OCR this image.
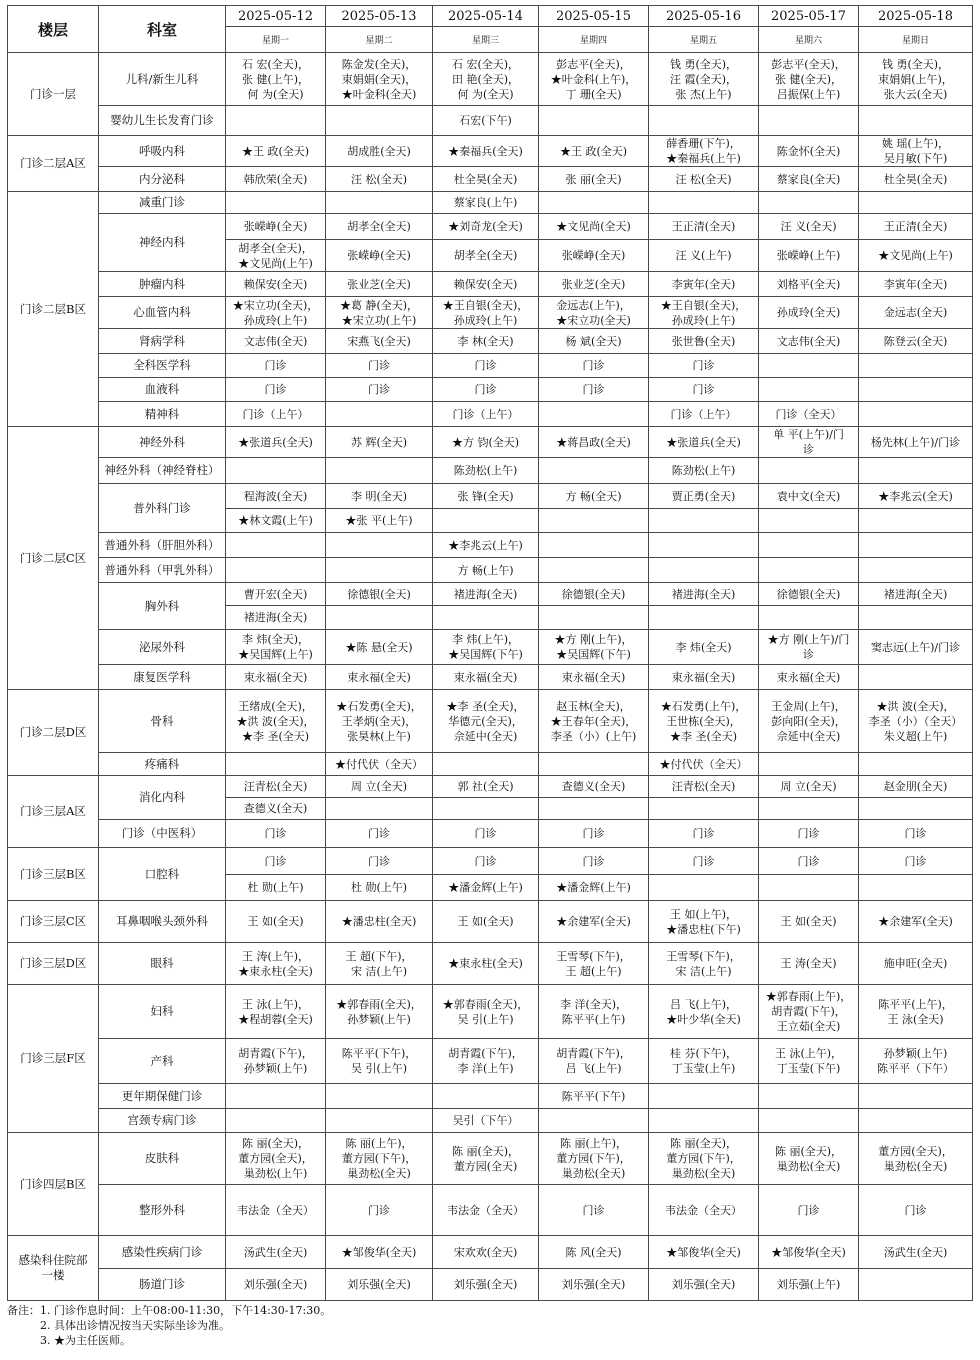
楼层	科室	2025-05-12	2025-05-13	2025-05-14	2025-05-15	2025-05-16	2025-05-17	2025-05-18
		星期一	星期二	星期三	星期四	星期五	星期六	星期日
门诊一层	儿科/新生儿科	石 宏(全天)，
张 健(上午)，
何 为(全天)	陈金发(全天)，
束娟娟(全天)，
★叶金科(全天)	石 宏(全天)，
田 艳(全天)，
何 为(全天)	彭志平(全天)，
★叶金科(上午)，
丁 珊(全天)	钱 勇(全天)，
汪 霞(全天)，
张 杰(上午)	彭志平(全天)，
张 健(全天)，
吕振保(上午)	钱 勇(全天)，
束娟娟(上午)，
张大云(全天)

	婴幼儿生长发育门诊			石宏(下午)				

门诊二层A区	呼吸内科	★王 政(全天)	胡成胜(全天)	★秦福兵(全天)	★王 政(全天)	薛香珊(下午)，
★秦福兵(上午)	陈金怀(全天)	姚 瑶(上午)，
吴月敏(下午)

	内分泌科	韩欣荣(全天)	汪 松(全天)	杜全昊(全天)	张 丽(全天)	汪 松(全天)	蔡家良(全天)	杜全昊(全天)

门诊二层B区	减重门诊			蔡家良(上午)				

	神经内科	张嵘峥(全天)	胡孝全(全天)	★刘奇龙(全天)	★文见尚(全天)	王正清(全天)	汪 义(全天)	王正清(全天)

		胡孝全(全天)，
★文见尚(上午)	张嵘峥(全天)	胡孝全(全天)	张嵘峥(全天)	汪 义(上午)	张嵘峥(上午)	★文见尚(上午)

	肿瘤内科	赖保安(全天)	张业芝(全天)	赖保安(全天)	张业芝(全天)	李寅年(全天)	刘格平(全天)	李寅年(全天)

	心血管内科	★宋立功(全天)，
孙成玲(上午)	★葛 静(全天)，
★宋立功(上午)	★王自银(全天)，
孙成玲(上午)	金远志(上午)，
★宋立功(全天)	★王自银(全天)，
孙成玲(上午)	孙成玲(全天)	金远志(全天)

	肾病学科	文志伟(全天)	宋燕飞(全天)	李 林(全天)	杨 斌(全天)	张世鲁(全天)	文志伟(全天)	陈登云(全天)

	全科医学科	门诊	门诊	门诊	门诊	门诊		

	血液科	门诊	门诊	门诊	门诊	门诊		

	精神科	门诊（上午）		门诊（上午）		门诊（上午）	门诊（全天）	

门诊二层C区	神经外科	★张道兵(全天)	苏 辉(全天)	★方 钧(全天)	★蒋昌政(全天)	★张道兵(全天)	单 平(上午)/门
诊	杨先林(上午)/门诊

	神经外科（神经脊柱）			陈劲松(上午)		陈劲松(上午)		

	普外科门诊	程海波(全天)	李 明(全天)	张 锋(全天)	方 畅(全天)	贾正勇(全天)	袁中文(全天)	★李兆云(全天)

		★林文霞(上午)	★张 平(上午)					

	普通外科（肝胆外科）			★李兆云(上午)				

	普通外科（甲乳外科）			方 畅(上午)				

	胸外科	曹开宏(全天)	徐德银(全天)	褚进海(全天)	徐德银(全天)	褚进海(全天)	徐德银(全天)	褚进海(全天)

		褚进海(全天)						

	泌尿外科	李 炜(全天)，
★吴国辉(上午)	★陈 悬(全天)	李 炜(上午)，
★吴国辉(下午)	★方 刚(上午)，
★吴国辉(下午)	李 炜(全天)	★方 刚(上午)/门
诊	窦志远(上午)/门诊

	康复医学科	束永福(全天)	束永福(全天)	束永福(全天)	束永福(全天)	束永福(全天)	束永福(全天)	

门诊二层D区	骨科	王绪成(全天)，
★洪 波(全天)，
★李 圣(全天)	★石发勇(全天)，
王孝炳(全天)，
张昊林(上午)	★李 圣(全天)，
华德元(全天)，
佘延中(全天)	赵玉林(全天)，
★王春年(全天)，
李圣（小）(上午)	★石发勇(上午)，
王世栋(全天)，
★李 圣(全天)	王金周(上午)，
彭向阳(全天)，
佘延中(全天)	★洪 波(全天)，
李圣（小）（全天）
朱义超(上午)

	疼痛科		★付代伏（全天）			★付代伏（全天）		

门诊三层A区	消化内科	汪青松(全天)	周 立(全天)	郭 社(全天)	查德义(全天)	汪青松(全天)	周 立(全天)	赵金朋(全天)

		查德义(全天)						

	门诊（中医科）	门诊	门诊	门诊	门诊	门诊	门诊	门诊

门诊三层B区	口腔科	门诊	门诊	门诊	门诊	门诊	门诊	门诊

		杜 勋(上午)	杜 勋(上午)	★潘金辉(上午)	★潘金辉(上午)			

门诊三层C区	耳鼻咽喉头颈外科	王 如(全天)	★潘忠柱(全天)	王 如(全天)	★余建军(全天)	王 如(上午)，
★潘忠柱(下午)	王 如(全天)	★余建军(全天)

门诊三层D区	眼科	王 涛(上午)，
★束永柱(全天)	王 超(下午)，
宋 洁(上午)	★束永柱(全天)	王雪琴(下午)，
王 超(上午)	王雪琴(下午)，
宋 洁(上午)	王 涛(全天)	施申旺(全天)

门诊三层F区	妇科	王 泳(上午)，
★程胡蓉(全天)	★郭春雨(全天)，
孙梦颖(上午)	★郭春雨(全天)，
吴 引(上午)	李 洋(全天)，
陈平平(上午)	吕 飞(上午)，
★叶少华(全天)	★郭春雨(上午)，
胡青霞(下午)，
王立茹(全天)	陈平平(上午)，
王 泳(全天)

	产科	胡青霞(下午)，
孙梦颖(上午)	陈平平(下午)，
吴 引(上午)	胡青霞(下午)，
李 洋(上午)	胡青霞(下午)，
吕 飞(上午)	桂 芬(下午)，
丁玉莹(上午)	王 泳(上午)，
丁玉莹(下午)	孙梦颖(上午)
陈平平（下午）

	更年期保健门诊				陈平平(下午)			

	宫颈专病门诊			吴引（下午）				

门诊四层B区	皮肤科	陈 丽(全天)，
董方园(全天)，
巢劲松(上午)	陈 丽(上午)，
董方园(下午)，
巢劲松(全天)	陈 丽(全天)，
董方园(全天)	陈 丽(上午)，
董方园(下午)，
巢劲松(全天)	陈 丽(全天)，
董方园(下午)，
巢劲松(全天)	陈 丽(全天)，
巢劲松(全天)	董方园(全天)，
巢劲松(全天)

	整形外科	韦法金（全天）	门诊	韦法金（全天）	门诊	韦法金（全天）	门诊	门诊

感染科住院部一楼	感染性疾病门诊	汤武生(全天)	★邹俊华(全天)	宋欢欢(全天)	陈 风(全天)	★邹俊华(全天)	★邹俊华(全天)	汤武生(全天)

	肠道门诊	刘乐强(全天)	刘乐强(全天)	刘乐强(全天)	刘乐强(全天)	刘乐强(全天)	刘乐强(上午)	

备注： 1. 门诊作息时间：上午08:00-11:30，下午14:30-17:30。
2. 具体出诊情况按当天实际坐诊为准。
3. ★为主任医师。
